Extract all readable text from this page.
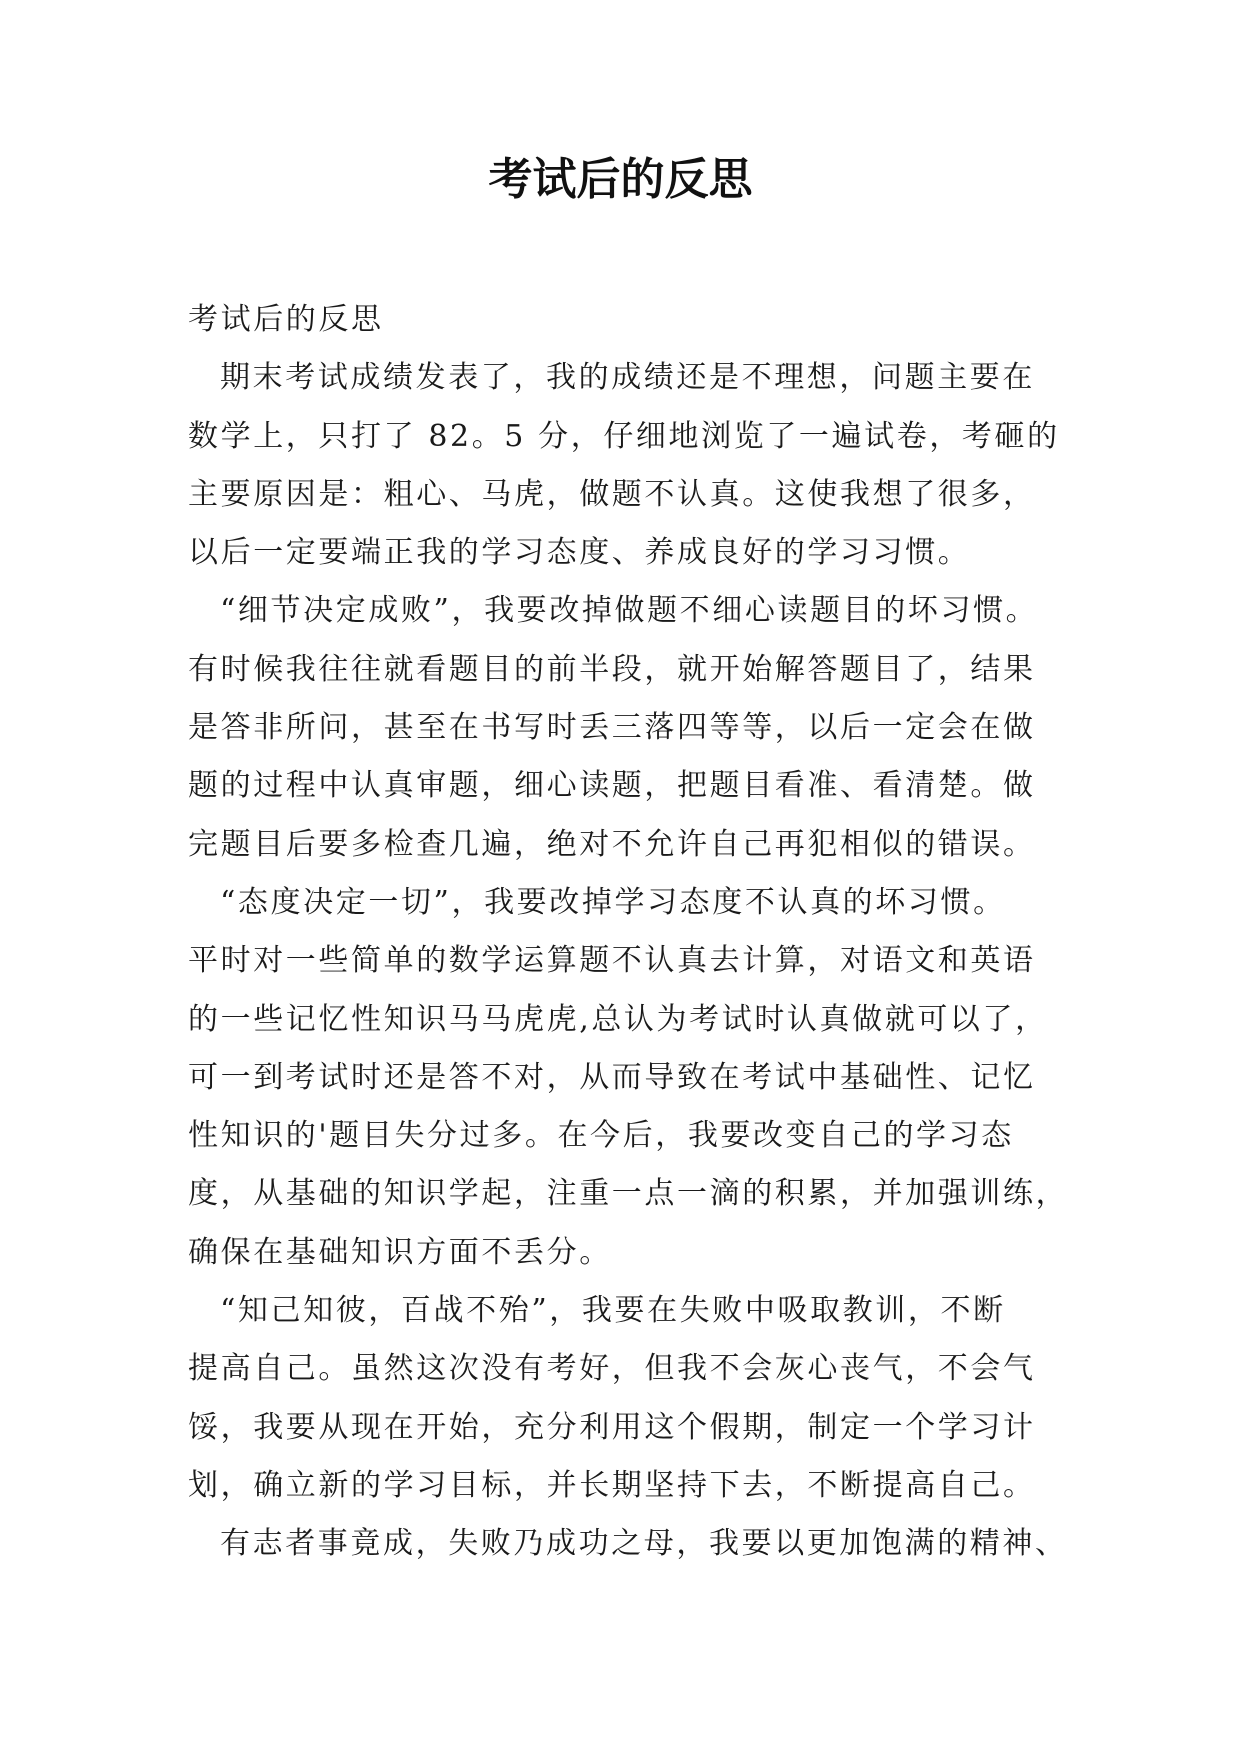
考试后的反思
考试后的反思
期末考试成绩发表了，我的成绩还是不理想，问题主要在
数学上，只打了 82。5 分，仔细地浏览了一遍试卷，考砸的
主要原因是：粗心、马虎，做题不认真。这使我想了很多，
以后一定要端正我的学习态度、养成良好的学习习惯。
“细节决定成败”，我要改掉做题不细心读题目的坏习惯。
有时候我往往就看题目的前半段，就开始解答题目了，结果
是答非所问，甚至在书写时丢三落四等等，以后一定会在做
题的过程中认真审题，细心读题，把题目看准、看清楚。做
完题目后要多检查几遍，绝对不允许自己再犯相似的错误。
“态度决定一切”，我要改掉学习态度不认真的坏习惯。
平时对一些简单的数学运算题不认真去计算，对语文和英语
的一些记忆性知识马马虎虎,总认为考试时认真做就可以了，
可一到考试时还是答不对，从而导致在考试中基础性、记忆
性知识的'题目失分过多。在今后，我要改变自己的学习态
度，从基础的知识学起，注重一点一滴的积累，并加强训练，
确保在基础知识方面不丢分。
“知己知彼，百战不殆”，我要在失败中吸取教训，不断
提高自己。虽然这次没有考好，但我不会灰心丧气，不会气
馁，我要从现在开始，充分利用这个假期，制定一个学习计
划，确立新的学习目标，并长期坚持下去，不断提高自己。
有志者事竟成，失败乃成功之母，我要以更加饱满的精神、
